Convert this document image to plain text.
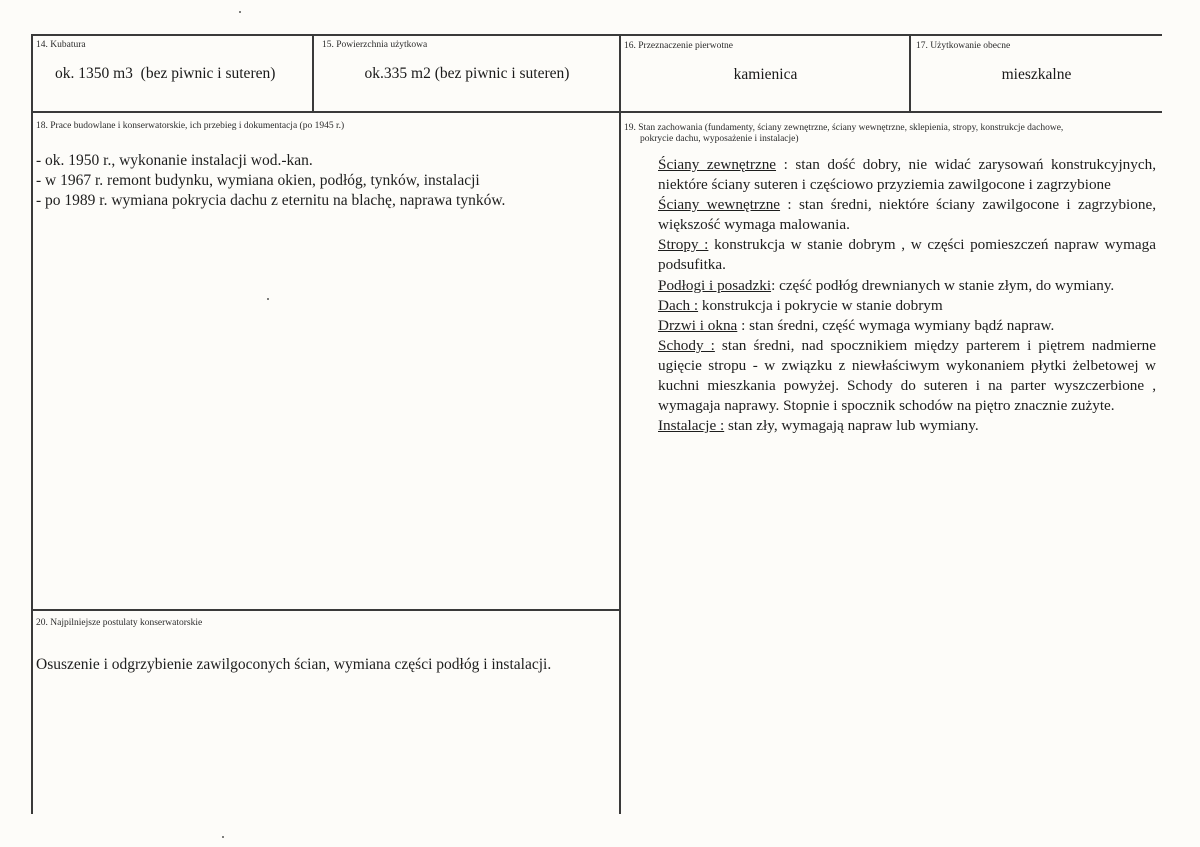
14. Kubatura
ok. 1350 m3  (bez piwnic i suteren)
15. Powierzchnia użytkowa
ok.335 m2 (bez piwnic i suteren)
16. Przeznaczenie pierwotne
kamienica
17. Użytkowanie obecne
mieszkalne
18. Prace budowlane i konserwatorskie, ich przebieg i dokumentacja (po 1945 r.)
- ok. 1950 r., wykonanie instalacji wod.-kan.
- w 1967 r. remont budynku, wymiana okien, podłóg, tynków, instalacji
- po 1989 r. wymiana pokrycia dachu z eternitu na blachę, naprawa tynków.
19. Stan zachowania (fundamenty, ściany zewnętrzne, ściany wewnętrzne, sklepienia, stropy, konstrukcje dachowe,
pokrycie dachu, wyposażenie i instalacje)

Ściany zewnętrzne : stan dość dobry, nie widać zarysowań konstrukcyjnych, niektóre ściany suteren i częściowo przyziemia zawilgocone i zagrzybione

Ściany wewnętrzne : stan średni, niektóre ściany zawilgocone i zagrzybione, większość wymaga malowania.

Stropy : konstrukcja w stanie dobrym , w części pomieszczeń napraw wymaga podsufitka.

Podłogi i posadzki: część podłóg drewnianych w stanie złym, do wymiany.

Dach : konstrukcja i pokrycie w stanie dobrym

Drzwi i okna : stan średni, część wymaga wymiany bądź napraw.

Schody : stan średni, nad spocznikiem między parterem i piętrem nadmierne ugięcie stropu - w związku z niewłaściwym wykonaniem płytki żelbetowej w kuchni mieszkania powyżej. Schody do suteren i na parter wyszczerbione , wymagaja naprawy. Stopnie i spocznik schodów na piętro znacznie zużyte.

Instalacje : stan zły, wymagają napraw lub wymiany.

20. Najpilniejsze postulaty konserwatorskie
Osuszenie i odgrzybienie zawilgoconych ścian, wymiana części podłóg i instalacji.
